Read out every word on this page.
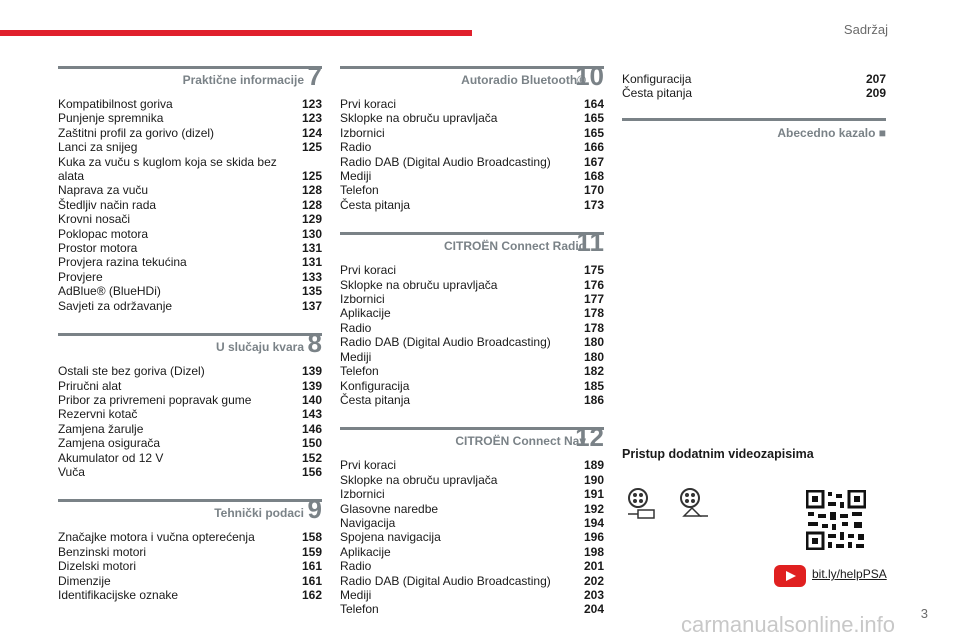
Sadržaj
Praktične informacije 7
Kompatibilnost goriva	123
Punjenje spremnika	123
Zaštitni profil za gorivo (dizel)	124
Lanci za snijeg	125
Kuka za vuču s kuglom koja se skida bez alata	125
Naprava za vuču	128
Štedljiv način rada	128
Krovni nosači	129
Poklopac motora	130
Prostor motora	131
Provjera razina tekućina	131
Provjere	133
AdBlue® (BlueHDi)	135
Savjeti za održavanje	137
U slučaju kvara 8
Ostali ste bez goriva (Dizel)	139
Priručni alat	139
Pribor za privremeni popravak gume	140
Rezervni kotač	143
Zamjena žarulje	146
Zamjena osigurača	150
Akumulator od 12 V	152
Vuča	156
Tehnički podaci 9
Značajke motora i vučna opterećenja	158
Benzinski motori	159
Dizelski motori	161
Dimenzije	161
Identifikacijske oznake	162
Autoradio Bluetooth®
10
Prvi koraci	164
Sklopke na obruču upravljača	165
Izbornici	165
Radio	166
Radio DAB (Digital Audio Broadcasting)	167
Mediji	168
Telefon	170
Česta pitanja	173
CITROËN Connect Radio
11
Prvi koraci	175
Sklopke na obruču upravljača	176
Izbornici	177
Aplikacije	178
Radio	178
Radio DAB (Digital Audio Broadcasting)	180
Mediji	180
Telefon	182
Konfiguracija	185
Česta pitanja	186
CITROËN Connect Nav
12
Prvi koraci	189
Sklopke na obruču upravljača	190
Izbornici	191
Glasovne naredbe	192
Navigacija	194
Spojena navigacija	196
Aplikacije	198
Radio	201
Radio DAB (Digital Audio Broadcasting)	202
Mediji	203
Telefon	204
Konfiguracija	207
Česta pitanja	209
Abecedno kazalo ■
Pristup dodatnim videozapisima
bit.ly/helpPSA
3
carmanualsonline.info
